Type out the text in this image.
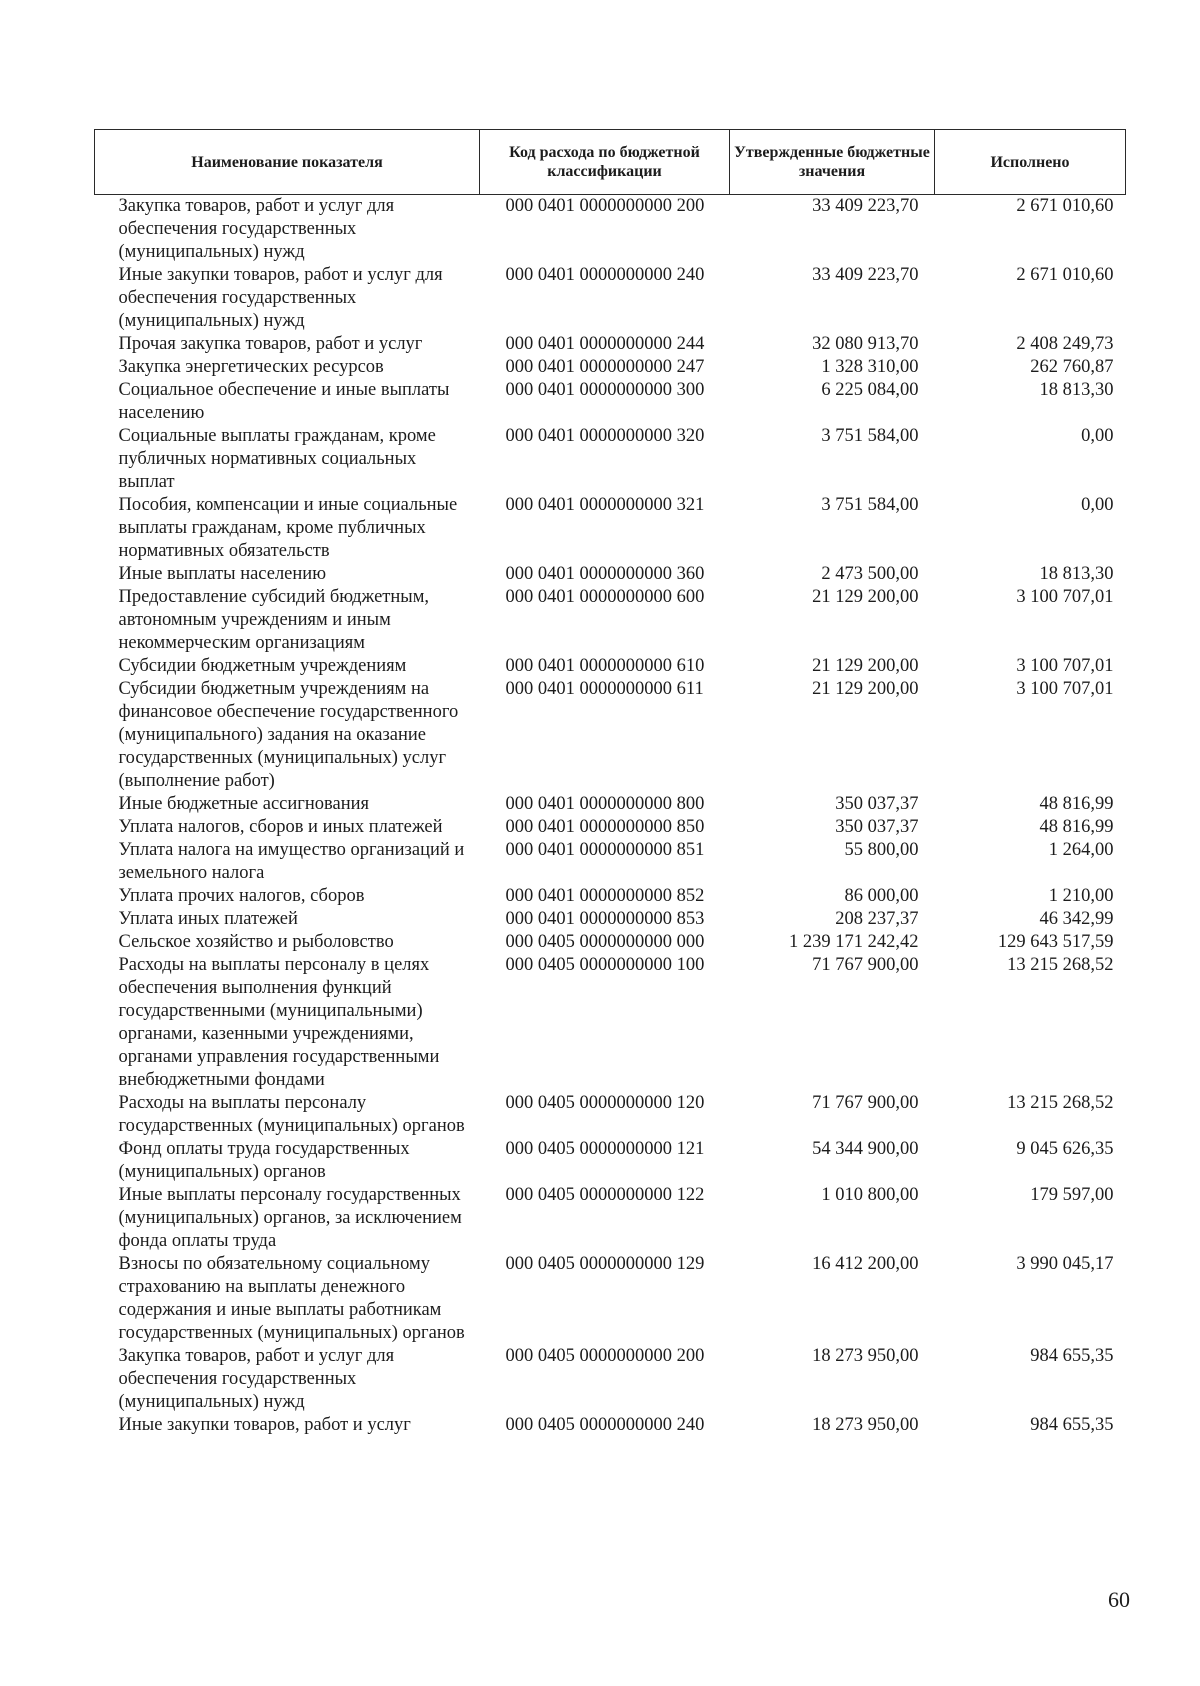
Наименование показателя	Код расхода по бюджетной классификации	Утвержденные бюджетные значения	Исполнено
Закупка товаров, работ и услуг для обеспечения государственных (муниципальных) нужд	000 0401 0000000000 200	33 409 223,70	2 671 010,60
Иные закупки товаров, работ и услуг для обеспечения государственных (муниципальных) нужд	000 0401 0000000000 240	33 409 223,70	2 671 010,60
Прочая закупка товаров, работ и услуг	000 0401 0000000000 244	32 080 913,70	2 408 249,73
Закупка энергетических ресурсов	000 0401 0000000000 247	1 328 310,00	262 760,87
Социальное обеспечение и иные выплаты населению	000 0401 0000000000 300	6 225 084,00	18 813,30
Социальные выплаты гражданам, кроме публичных нормативных социальных выплат	000 0401 0000000000 320	3 751 584,00	0,00
Пособия, компенсации и иные социальные выплаты гражданам, кроме публичных нормативных обязательств	000 0401 0000000000 321	3 751 584,00	0,00
Иные выплаты населению	000 0401 0000000000 360	2 473 500,00	18 813,30
Предоставление субсидий бюджетным, автономным учреждениям и иным некоммерческим организациям	000 0401 0000000000 600	21 129 200,00	3 100 707,01
Субсидии бюджетным учреждениям	000 0401 0000000000 610	21 129 200,00	3 100 707,01
Субсидии бюджетным учреждениям на финансовое обеспечение государственного (муниципального) задания на оказание государственных (муниципальных) услуг (выполнение работ)	000 0401 0000000000 611	21 129 200,00	3 100 707,01
Иные бюджетные ассигнования	000 0401 0000000000 800	350 037,37	48 816,99
Уплата налогов, сборов и иных платежей	000 0401 0000000000 850	350 037,37	48 816,99
Уплата налога на имущество организаций и земельного налога	000 0401 0000000000 851	55 800,00	1 264,00
Уплата прочих налогов, сборов	000 0401 0000000000 852	86 000,00	1 210,00
Уплата иных платежей	000 0401 0000000000 853	208 237,37	46 342,99
Сельское хозяйство и рыболовство	000 0405 0000000000 000	1 239 171 242,42	129 643 517,59
Расходы на выплаты персоналу в целях обеспечения выполнения функций государственными (муниципальными) органами, казенными учреждениями, органами управления государственными внебюджетными фондами	000 0405 0000000000 100	71 767 900,00	13 215 268,52
Расходы на выплаты персоналу государственных (муниципальных) органов	000 0405 0000000000 120	71 767 900,00	13 215 268,52
Фонд оплаты труда государственных (муниципальных) органов	000 0405 0000000000 121	54 344 900,00	9 045 626,35
Иные выплаты персоналу государственных (муниципальных) органов, за исключением фонда оплаты труда	000 0405 0000000000 122	1 010 800,00	179 597,00
Взносы по обязательному социальному страхованию на выплаты денежного содержания и иные выплаты работникам государственных (муниципальных) органов	000 0405 0000000000 129	16 412 200,00	3 990 045,17
Закупка товаров, работ и услуг для обеспечения государственных (муниципальных) нужд	000 0405 0000000000 200	18 273 950,00	984 655,35
Иные закупки товаров, работ и услуг	000 0405 0000000000 240	18 273 950,00	984 655,35
60
